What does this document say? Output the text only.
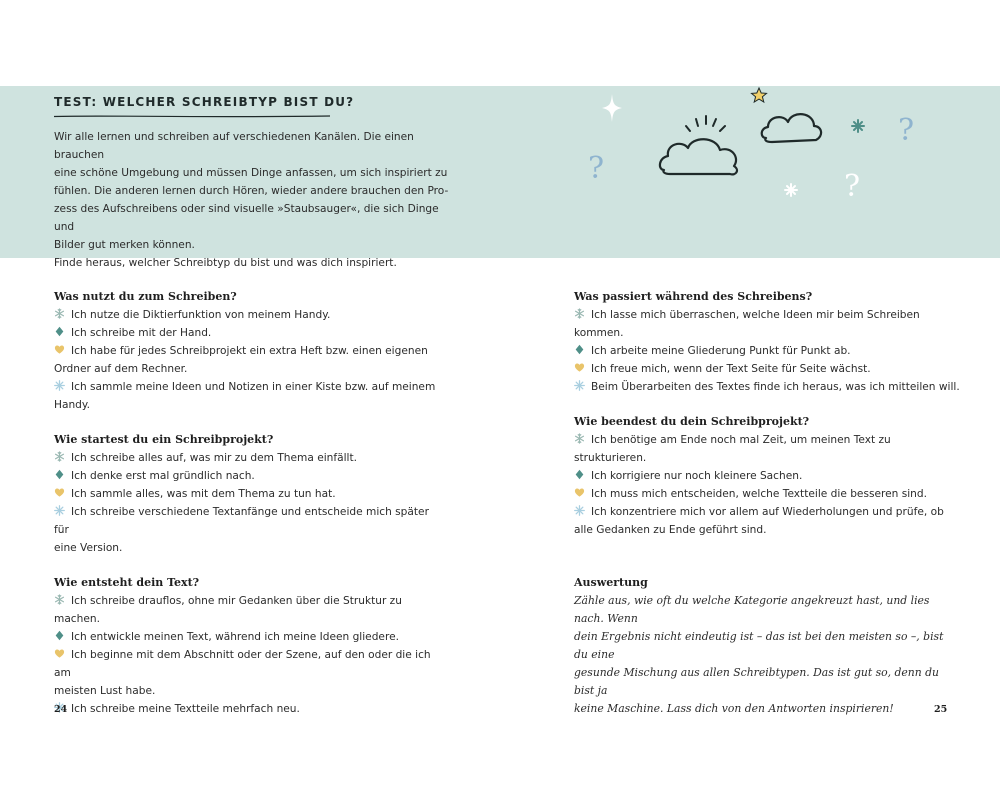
TEST: WELCHER SCHREIBTYP BIST DU?

Wir alle lernen und schreiben auf verschiedenen Kanälen. Die einen brauchen

eine schöne Umgebung und müssen Dinge anfassen, um sich inspiriert zu

fühlen. Die anderen lernen durch Hören, wieder andere brauchen den Pro-

zess des Aufschreibens oder sind visuelle »Staubsauger«, die sich Dinge und

Bilder gut merken können.

Finde heraus, welcher Schreibtyp du bist und was dich inspiriert.

?
?
?
Was nutzt du zum Schreiben?
Ich nutze die Diktierfunktion von meinem Handy.
Ich schreibe mit der Hand.
Ich habe für jedes Schreibprojekt ein extra Heft bzw. einen eigenen
Ordner auf dem Rechner.
Ich sammle meine Ideen und Notizen in einer Kiste bzw. auf meinem Handy.
Wie startest du ein Schreibprojekt?
Ich schreibe alles auf, was mir zu dem Thema einfällt.
Ich denke erst mal gründlich nach.
Ich sammle alles, was mit dem Thema zu tun hat.
Ich schreibe verschiedene Textanfänge und entscheide mich später für
eine Version.
Wie entsteht dein Text?
Ich schreibe drauflos, ohne mir Gedanken über die Struktur zu machen.
Ich entwickle meinen Text, während ich meine Ideen gliedere.
Ich beginne mit dem Abschnitt oder der Szene, auf den oder die ich am
meisten Lust habe.
Ich schreibe meine Textteile mehrfach neu.
Was passiert während des Schreibens?
Ich lasse mich überraschen, welche Ideen mir beim Schreiben kommen.
Ich arbeite meine Gliederung Punkt für Punkt ab.
Ich freue mich, wenn der Text Seite für Seite wächst.
Beim Überarbeiten des Textes finde ich heraus, was ich mitteilen will.
Wie beendest du dein Schreibprojekt?
Ich benötige am Ende noch mal Zeit, um meinen Text zu strukturieren.
Ich korrigiere nur noch kleinere Sachen.
Ich muss mich entscheiden, welche Textteile die besseren sind.
Ich konzentriere mich vor allem auf Wiederholungen und prüfe, ob
alle Gedanken zu Ende geführt sind.
Auswertung

Zähle aus, wie oft du welche Kategorie angekreuzt hast, und lies nach. Wenn

dein Ergebnis nicht eindeutig ist – das ist bei den meisten so –, bist du eine

gesunde Mischung aus allen Schreibtypen. Das ist gut so, denn du bist ja

keine Maschine. Lass dich von den Antworten inspirieren!

24	25
